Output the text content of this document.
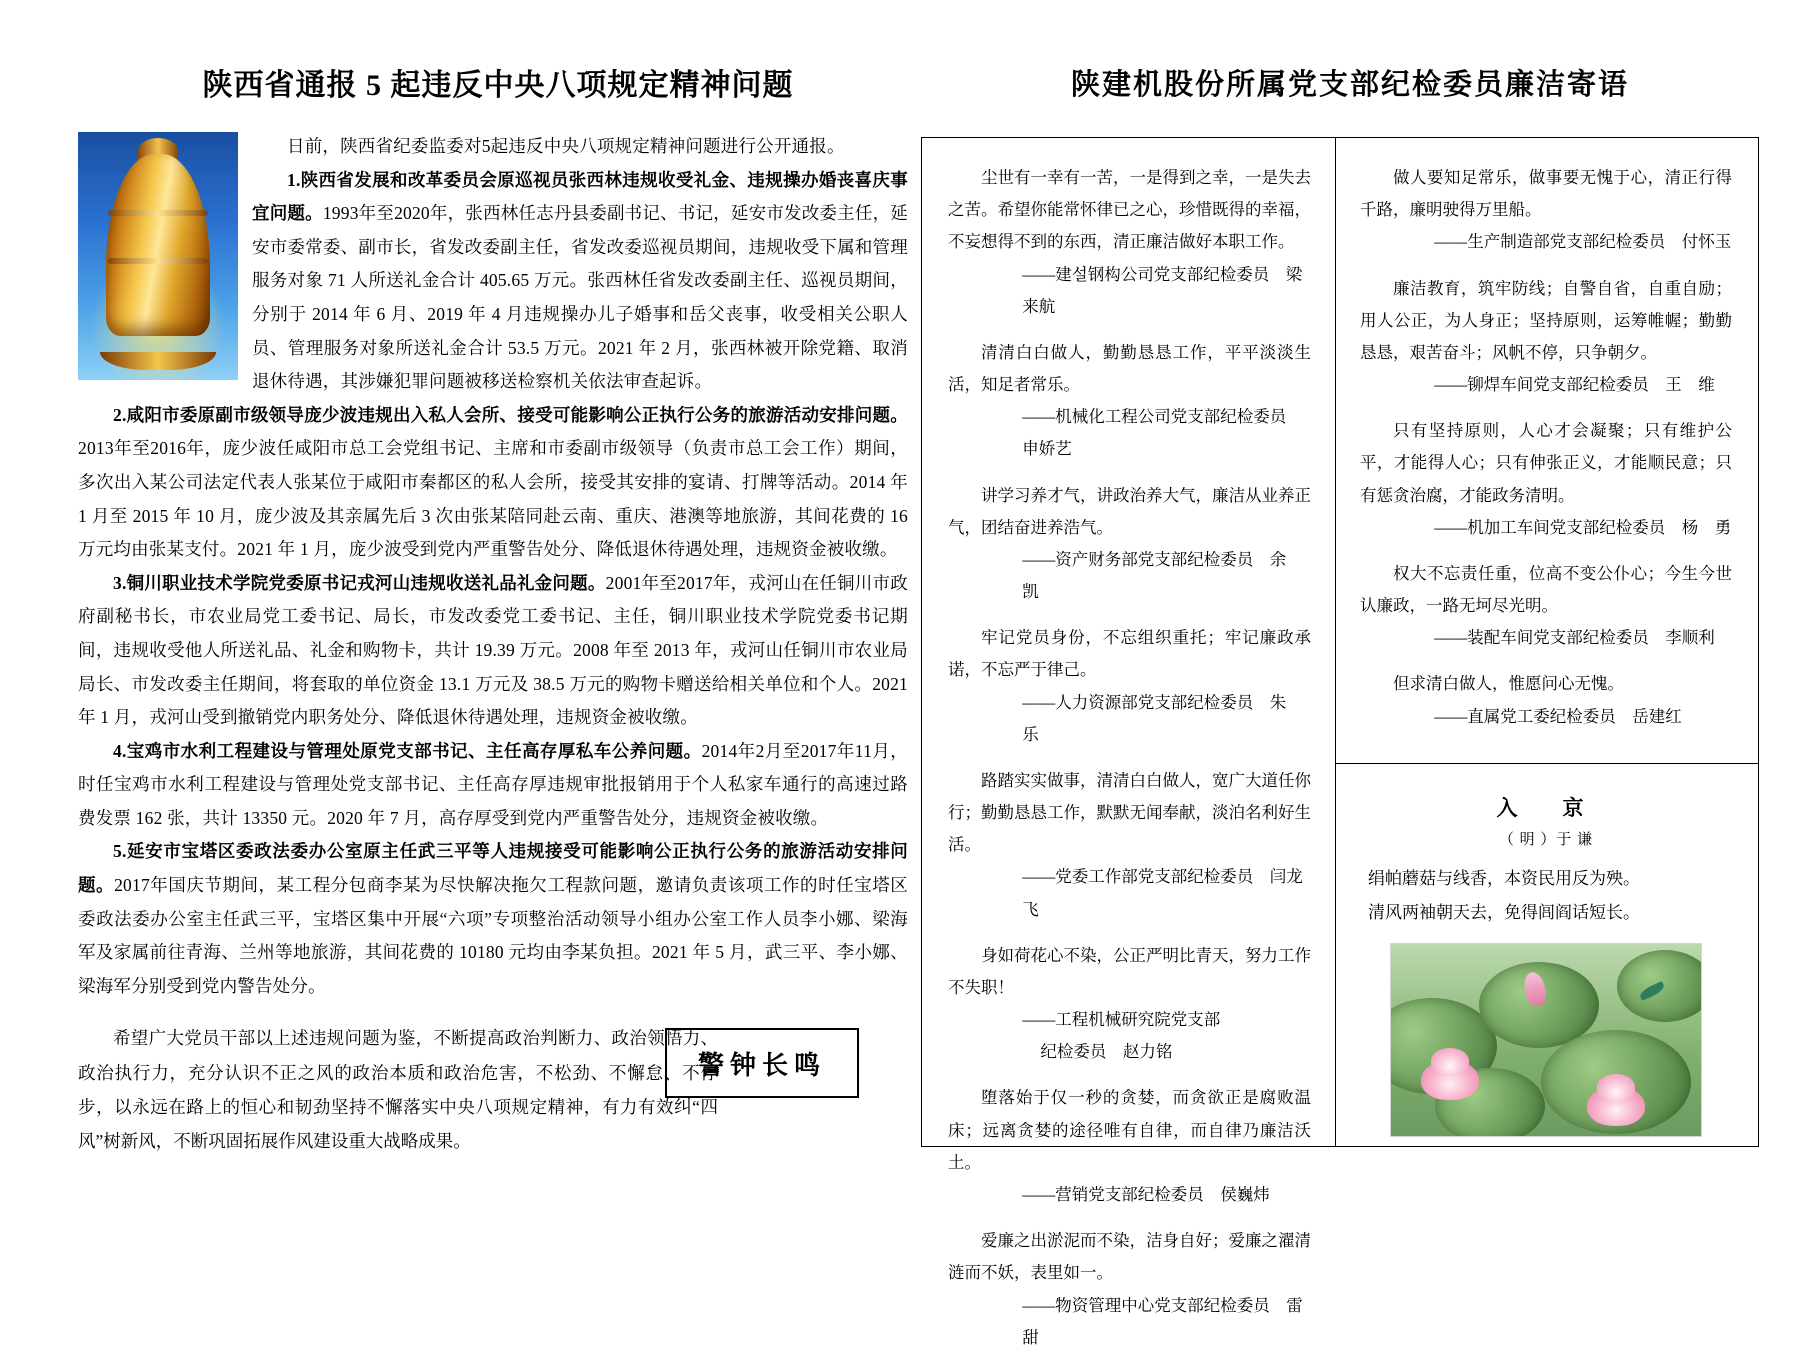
陕西省通报 5 起违反中央八项规定精神问题

日前，陕西省纪委监委对5起违反中央八项规定精神问题进行公开通报。

1.陕西省发展和改革委员会原巡视员张西林违规收受礼金、违规操办婚丧喜庆事宜问题。1993年至2020年，张西林任志丹县委副书记、书记，延安市发改委主任，延安市委常委、副市长，省发改委副主任，省发改委巡视员期间，违规收受下属和管理服务对象 71 人所送礼金合计 405.65 万元。张西林任省发改委副主任、巡视员期间，分别于 2014 年 6 月、2019 年 4 月违规操办儿子婚事和岳父丧事，收受相关公职人员、管理服务对象所送礼金合计 53.5 万元。2021 年 2 月，张西林被开除党籍、取消退休待遇，其涉嫌犯罪问题被移送检察机关依法审查起诉。

2.咸阳市委原副市级领导庞少波违规出入私人会所、接受可能影响公正执行公务的旅游活动安排问题。2013年至2016年，庞少波任咸阳市总工会党组书记、主席和市委副市级领导（负责市总工会工作）期间，多次出入某公司法定代表人张某位于咸阳市秦都区的私人会所，接受其安排的宴请、打牌等活动。2014 年 1 月至 2015 年 10 月，庞少波及其亲属先后 3 次由张某陪同赴云南、重庆、港澳等地旅游，其间花费的 16 万元均由张某支付。2021 年 1 月，庞少波受到党内严重警告处分、降低退休待遇处理，违规资金被收缴。

3.铜川职业技术学院党委原书记戎河山违规收送礼品礼金问题。2001年至2017年，戎河山在任铜川市政府副秘书长，市农业局党工委书记、局长，市发改委党工委书记、主任，铜川职业技术学院党委书记期间，违规收受他人所送礼品、礼金和购物卡，共计 19.39 万元。2008 年至 2013 年，戎河山任铜川市农业局局长、市发改委主任期间，将套取的单位资金 13.1 万元及 38.5 万元的购物卡赠送给相关单位和个人。2021 年 1 月，戎河山受到撤销党内职务处分、降低退休待遇处理，违规资金被收缴。

4.宝鸡市水利工程建设与管理处原党支部书记、主任高存厚私车公养问题。2014年2月至2017年11月，时任宝鸡市水利工程建设与管理处党支部书记、主任高存厚违规审批报销用于个人私家车通行的高速过路费发票 162 张，共计 13350 元。2020 年 7 月，高存厚受到党内严重警告处分，违规资金被收缴。

5.延安市宝塔区委政法委办公室原主任武三平等人违规接受可能影响公正执行公务的旅游活动安排问题。2017年国庆节期间，某工程分包商李某为尽快解决拖欠工程款问题，邀请负责该项工作的时任宝塔区委政法委办公室主任武三平，宝塔区集中开展“六项”专项整治活动领导小组办公室工作人员李小娜、梁海军及家属前往青海、兰州等地旅游，其间花费的 10180 元均由李某负担。2021 年 5 月，武三平、李小娜、梁海军分别受到党内警告处分。

希望广大党员干部以上述违规问题为鉴，不断提高政治判断力、政治领悟力、政治执行力，充分认识不正之风的政治本质和政治危害，不松劲、不懈怠、不停步，以永远在路上的恒心和韧劲坚持不懈落实中央八项规定精神，有力有效纠“四风”树新风，不断巩固拓展作风建设重大战略成果。

警钟长鸣
陕建机股份所属党支部纪检委员廉洁寄语

尘世有一幸有一苦，一是得到之幸，一是失去之苦。希望你能常怀律已之心，珍惜既得的幸福，不妄想得不到的东西，清正廉洁做好本职工作。

——建설钢构公司党支部纪检委员　梁来航

清清白白做人，勤勤恳恳工作，平平淡淡生活，知足者常乐。

——机械化工程公司党支部纪检委员　申娇艺

讲学习养才气，讲政治养大气，廉洁从业养正气，团结奋进养浩气。

——资产财务部党支部纪检委员　余　凯

牢记党员身份，不忘组织重托；牢记廉政承诺，不忘严于律己。

——人力资源部党支部纪检委员　朱　乐

路踏实实做事，清清白白做人，宽广大道任你行；勤勤恳恳工作，默默无闻奉献，淡泊名利好生活。

——党委工作部党支部纪检委员　闫龙飞

身如荷花心不染，公正严明比青天，努力工作不失职！

——工程机械研究院党支部

纪检委员　赵力铭

堕落始于仅一秒的贪婪，而贪欲正是腐败温床；远离贪婪的途径唯有自律，而自律乃廉洁沃土。

——营销党支部纪检委员　侯巍炜

爱廉之出淤泥而不染，洁身自好；爱廉之濯清涟而不妖，表里如一。

——物资管理中心党支部纪检委员　雷　甜

做人要知足常乐，做事要无愧于心，清正行得千路，廉明驶得万里船。

——生产制造部党支部纪检委员　付怀玉

廉洁教育，筑牢防线；自警自省，自重自励；用人公正，为人身正；坚持原则，运筹帷幄；勤勤恳恳，艰苦奋斗；风帆不停，只争朝夕。

——铆焊车间党支部纪检委员　王　维

只有坚持原则，人心才会凝聚；只有维护公平，才能得人心；只有伸张正义，才能顺民意；只有惩贪治腐，才能政务清明。

——机加工车间党支部纪检委员　杨　勇

权大不忘责任重，位高不变公仆心；今生今世认廉政，一路无坷尽光明。

——装配车间党支部纪检委员　李顺利

但求清白做人，惟愿问心无愧。

——直属党工委纪检委员　岳建红

入　京
（ 明 ）于 谦

绢帕蘑菇与线香，本资民用反为殃。

清风两袖朝天去，免得闾阎话短长。
